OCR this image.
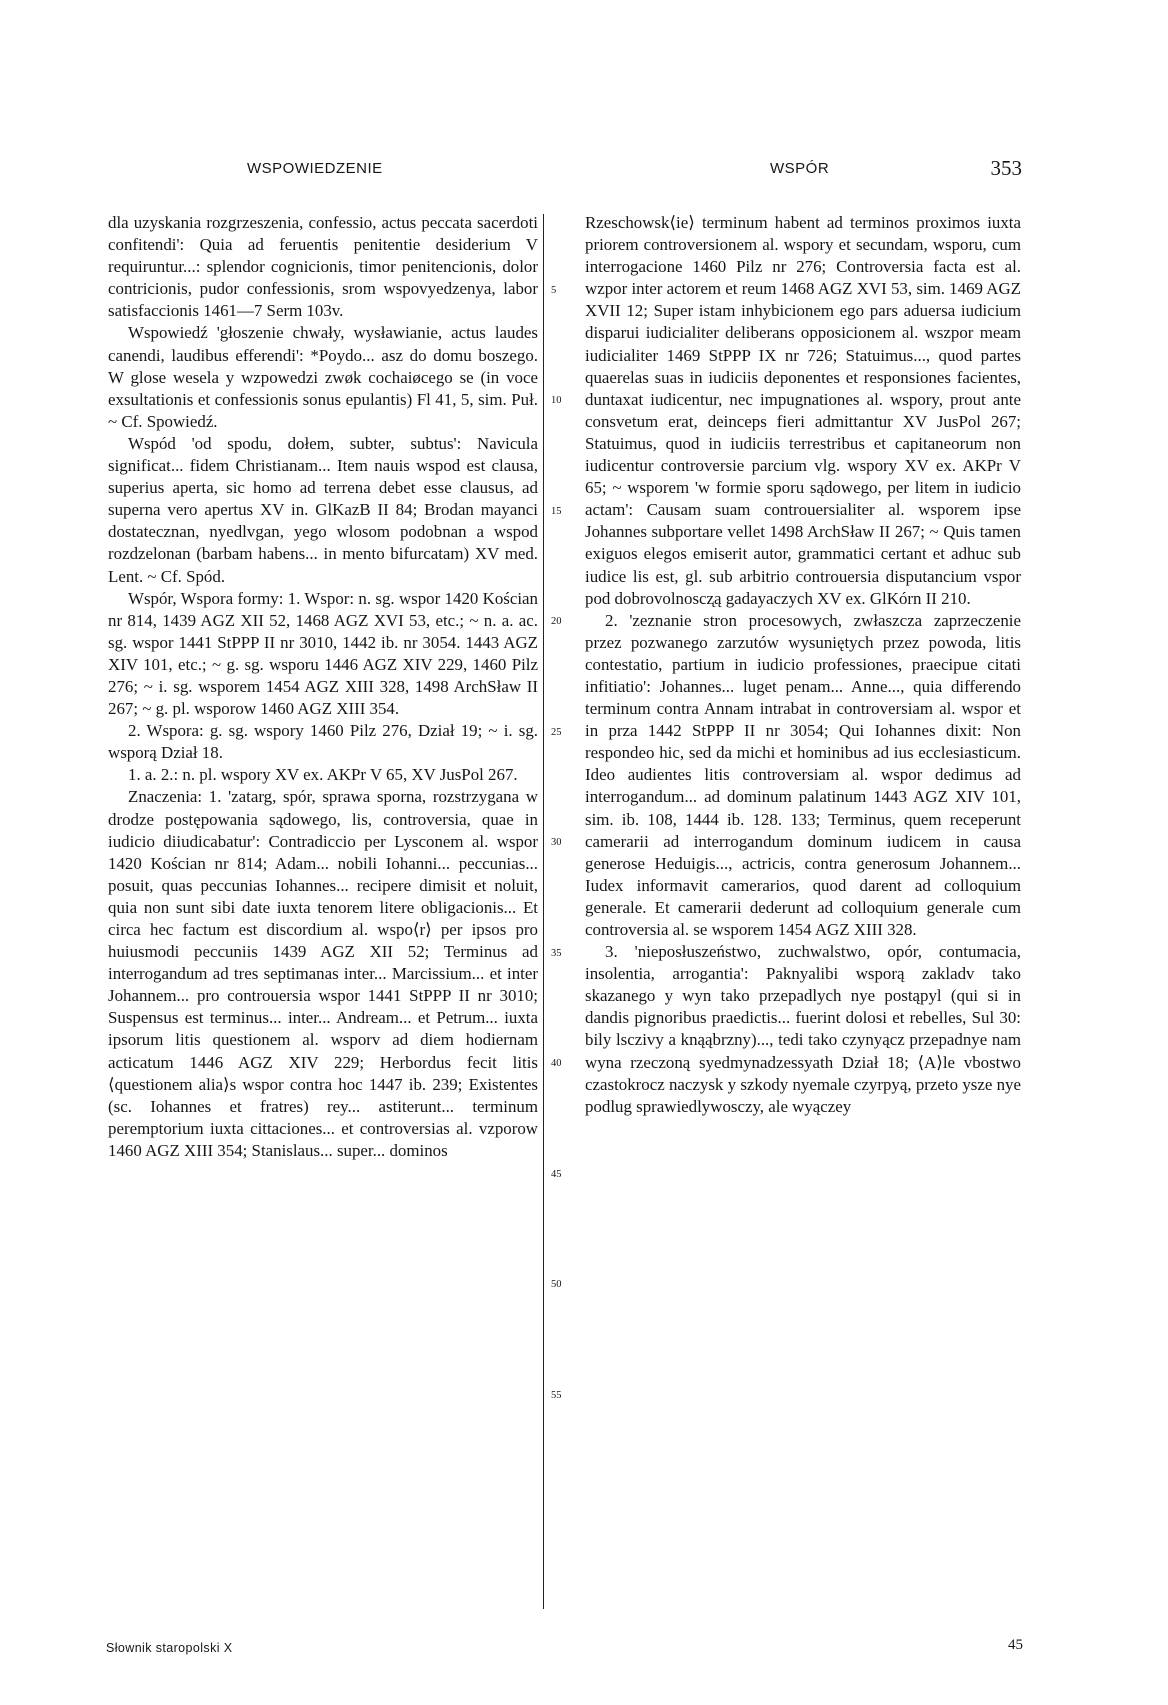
WSPOWIEDZENIE	WSPÓR	353

dla uzyskania rozgrzeszenia, confessio, actus peccata sacerdoti confitendi': Quia ad feruentis penitentie desiderium V requiruntur...: splendor cognicionis, timor penitencionis, dolor contricionis, pudor confessionis, srom wspovyedzenya, labor satisfaccionis 1461—7 Serm 103v.

Wspowiedź 'głoszenie chwały, wysławianie, actus laudes canendi, laudibus efferendi': *Poydo... asz do domu boszego. W glose wesela y wzpowedzi zwøk cochaiøcego se (in voce exsultationis et confessionis sonus epulantis) Fl 41, 5, sim. Puł. ~ Cf. Spowiedź.

Wspód 'od spodu, dołem, subter, subtus': Navicula significat... fidem Christianam... Item nauis wspod est clausa, superius aperta, sic homo ad terrena debet esse clausus, ad superna vero apertus XV in. GlKazB II 84; Brodan mayanci dostatecznan, nyedlvgan, yego wlosom podobnan a wspod rozdzelonan (barbam habens... in mento bifurcatam) XV med. Lent. ~ Cf. Spód.

Wspór, Wspora formy: 1. Wspor: n. sg. wspor 1420 Kościan nr 814, 1439 AGZ XII 52, 1468 AGZ XVI 53, etc.; ~ n. a. ac. sg. wspor 1441 StPPP II nr 3010, 1442 ib. nr 3054. 1443 AGZ XIV 101, etc.; ~ g. sg. wsporu 1446 AGZ XIV 229, 1460 Pilz 276; ~ i. sg. wsporem 1454 AGZ XIII 328, 1498 ArchSław II 267; ~ g. pl. wsporow 1460 AGZ XIII 354.

2. Wspora: g. sg. wspory 1460 Pilz 276, Dział 19; ~ i. sg. wsporą Dział 18.

1. a. 2.: n. pl. wspory XV ex. AKPr V 65, XV JusPol 267.

Znaczenia: 1. 'zatarg, spór, sprawa sporna, rozstrzygana w drodze postępowania sądowego, lis, controversia, quae in iudicio diiudicabatur': Contradiccio per Lysconem al. wspor 1420 Kościan nr 814; Adam... nobili Iohanni... peccunias... posuit, quas peccunias Iohannes... recipere dimisit et noluit, quia non sunt sibi date iuxta tenorem litere obligacionis... Et circa hec factum est discordium al. wspo⟨r⟩ per ipsos pro huiusmodi peccuniis 1439 AGZ XII 52; Terminus ad interrogandum ad tres septimanas inter... Marcissium... et inter Johannem... pro controuersia wspor 1441 StPPP II nr 3010; Suspensus est terminus... inter... Andream... et Petrum... iuxta ipsorum litis questionem al. wsporv ad diem hodiernam acticatum 1446 AGZ XIV 229; Herbordus fecit litis ⟨questionem alia⟩s wspor contra hoc 1447 ib. 239; Existentes (sc. Iohannes et fratres) rey... astiterunt... terminum peremptorium iuxta cittaciones... et controversias al. vzporow 1460 AGZ XIII 354; Stanislaus... super... dominos

5
10
15
20
25
30
35
40
45
50
55

Rzeschowsk⟨ie⟩ terminum habent ad terminos proximos iuxta priorem controversionem al. wspory et secundam, wsporu, cum interrogacione 1460 Pilz nr 276; Controversia facta est al. wzpor inter actorem et reum 1468 AGZ XVI 53, sim. 1469 AGZ XVII 12; Super istam inhybicionem ego pars aduersa iudicium disparui iudicialiter deliberans opposicionem al. wszpor meam iudicialiter 1469 StPPP IX nr 726; Statuimus..., quod partes quaerelas suas in iudiciis deponentes et responsiones facientes, duntaxat iudicentur, nec impugnationes al. wspory, prout ante consvetum erat, deinceps fieri admittantur XV JusPol 267; Statuimus, quod in iudiciis terrestribus et capitaneorum non iudicentur controversie parcium vlg. wspory XV ex. AKPr V 65; ~ wsporem 'w formie sporu sądowego, per litem in iudicio actam': Causam suam controuersialiter al. wsporem ipse Johannes subportare vellet 1498 ArchSław II 267; ~ Quis tamen exiguos elegos emiserit autor, grammatici certant et adhuc sub iudice lis est, gl. sub arbitrio controuersia disputancium vspor pod dobrovolnoscz̨ą gadayaczych XV ex. GlKórn II 210.

2. 'zeznanie stron procesowych, zwłaszcza zaprzeczenie przez pozwanego zarzutów wysuniętych przez powoda, litis contestatio, partium in iudicio professiones, praecipue citati infitiatio': Johannes... luget penam... Anne..., quia differendo terminum contra Annam intrabat in controversiam al. wspor et in prza 1442 StPPP II nr 3054; Qui Iohannes dixit: Non respondeo hic, sed da michi et hominibus ad ius ecclesiasticum. Ideo audientes litis controversiam al. wspor dedimus ad interrogandum... ad dominum palatinum 1443 AGZ XIV 101, sim. ib. 108, 1444 ib. 128. 133; Terminus, quem receperunt camerarii ad interrogandum dominum iudicem in causa generose Heduigis..., actricis, contra generosum Johannem... Iudex informavit camerarios, quod darent ad colloquium generale. Et camerarii dederunt ad colloquium generale cum controversia al. se wsporem 1454 AGZ XIII 328.

3. 'nieposłuszeństwo, zuchwalstwo, opór, contumacia, insolentia, arrogantia': Paknyalibi wsporą zakladv tako skazanego y wyn tako przepadlych nye postąpyl (qui si in dandis pignoribus praedictis... fuerint dolosi et rebelles, Sul 30: bily lsczivy a knąąbrzny)..., tedi tako czynyącz przepadnye nam wyna rzeczoną syedmynadzessyath Dział 18; ⟨A⟩le vbostwo czastokrocz naczysk y szkody nyemale czyrpyą, przeto ysze nye podlug sprawiedlywosczy, ale wyączey

Słownik staropolski X	45
